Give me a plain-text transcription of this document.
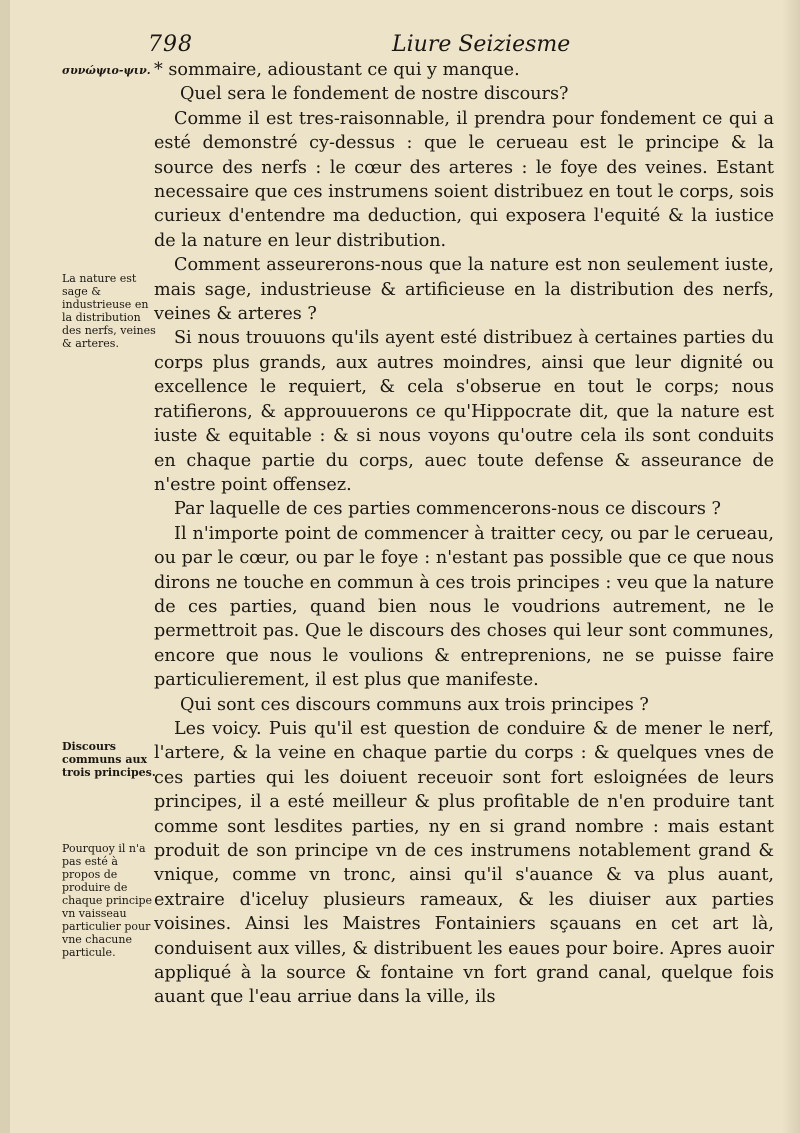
798	Liure Seiziesme
συνώψιο-ψιν.
La nature est sage & industrieuse en la distribution des nerfs, veines & arteres.
Discours communs aux trois principes.
Pourquoy il n'a pas esté à propos de produire de chaque principe vn vaisseau particulier pour vne chacune particule.

* sommaire, adioustant ce qui y manque.

Quel sera le fondement de nostre discours?

Comme il est tres-raisonnable, il prendra pour fondement ce qui a esté demonstré cy-dessus : que le cerueau est le principe & la source des nerfs : le cœur des arteres : le foye des veines. Estant necessaire que ces instrumens soient distribuez en tout le corps, sois curieux d'entendre ma deduction, qui exposera l'equité & la iustice de la nature en leur distribution.

Comment asseurerons-nous que la nature est non seulement iuste, mais sage, industrieuse & artificieuse en la distribution des nerfs, veines & arteres ?

Si nous trouuons qu'ils ayent esté distribuez à certaines parties du corps plus grands, aux autres moindres, ainsi que leur dignité ou excellence le requiert, & cela s'obserue en tout le corps; nous ratifierons, & approuuerons ce qu'Hippocrate dit, que la nature est iuste & equitable : & si nous voyons qu'outre cela ils sont conduits en chaque partie du corps, auec toute defense & asseurance de n'estre point offensez.

Par laquelle de ces parties commencerons-nous ce discours ?

Il n'importe point de commencer à traitter cecy, ou par le cerueau, ou par le cœur, ou par le foye : n'estant pas possible que ce que nous dirons ne touche en commun à ces trois principes : veu que la nature de ces parties, quand bien nous le voudrions autrement, ne le permettroit pas. Que le discours des choses qui leur sont communes, encore que nous le voulions & entreprenions, ne se puisse faire particulierement, il est plus que manifeste.

Qui sont ces discours communs aux trois principes ?

Les voicy. Puis qu'il est question de conduire & de mener le nerf, l'artere, & la veine en chaque partie du corps : & quelques vnes de ces parties qui les doiuent receuoir sont fort esloignées de leurs principes, il a esté meilleur & plus profitable de n'en produire tant comme sont lesdites parties, ny en si grand nombre : mais estant produit de son principe vn de ces instrumens notablement grand & vnique, comme vn tronc, ainsi qu'il s'auance & va plus auant, extraire d'iceluy plusieurs rameaux, & les diuiser aux parties voisines. Ainsi les Maistres Fontainiers sçauans en cet art là, conduisent aux villes, & distribuent les eaues pour boire. Apres auoir appliqué à la source & fontaine vn fort grand canal, quelque fois auant que l'eau arriue dans la ville, ils
